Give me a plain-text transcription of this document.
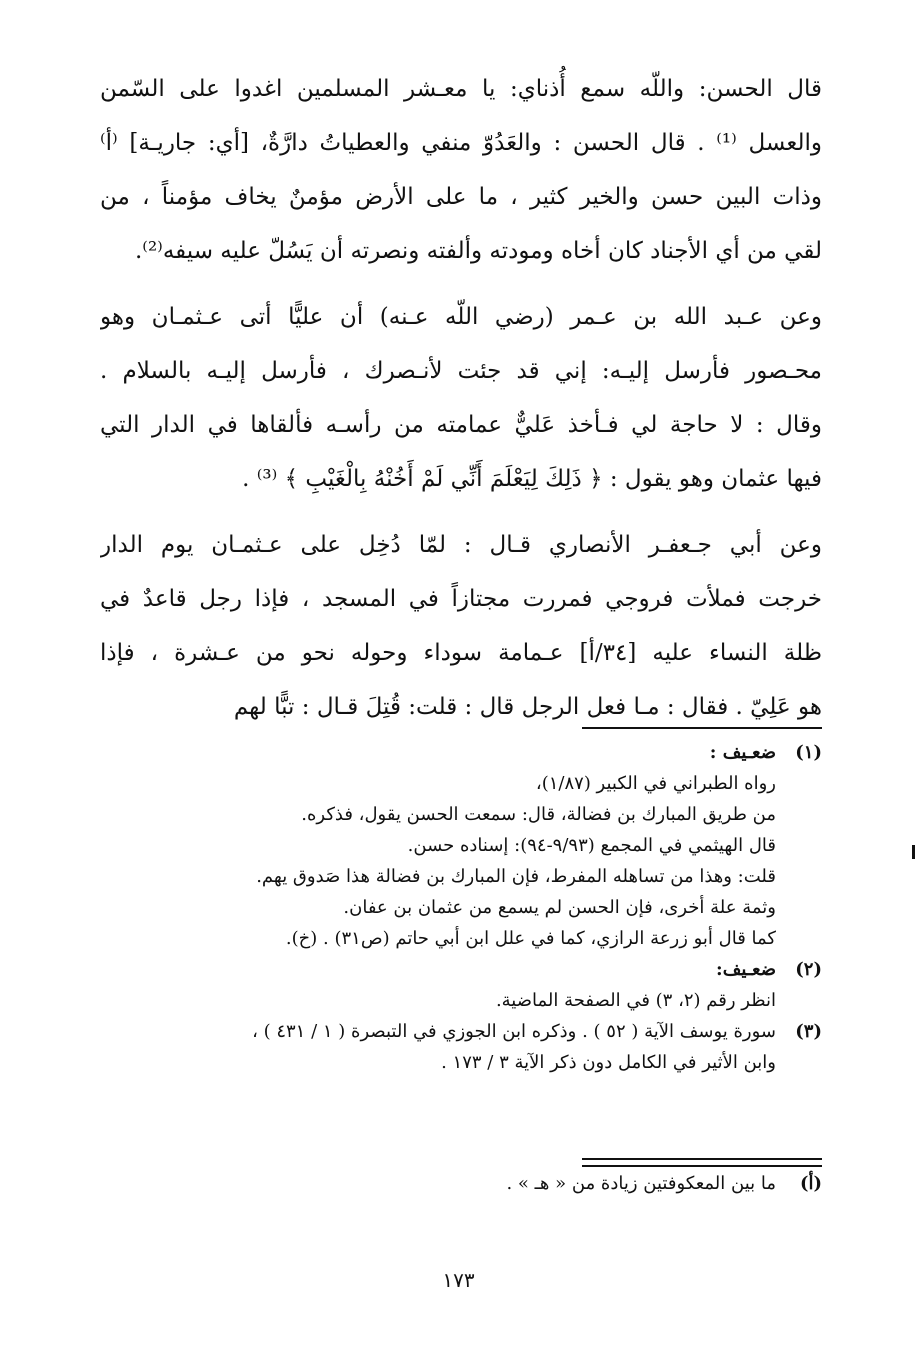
قال الحسن: واللّه سمع أُذناي: يا معـشر المسلمين اغدوا على السّمن
والعسل ⁽¹⁾ . قال الحسن : والعَدُوّ منفي والعطياتُ دارَّةٌ، [أي: جاريـة] ⁽أ⁾
وذات البين حسن والخير كثير ، ما على الأرض مؤمنٌ يخاف مؤمناً ، من
لقي من أي الأجناد كان أخاه ومودته وألفته ونصرته أن يَسُلّ عليه سيفه⁽²⁾.
وعن عـبد الله بن عـمر (رضي اللّه عـنه) أن عليًّا أتى عـثمـان وهو
محـصور فأرسل إليـه: إني قد جئت لأنـصرك ، فأرسل إليـه بالسلام .
وقال : لا حاجة لي فـأخذ عَليٌّ عمامته من رأسـه فألقاها في الدار التي
فيها عثمان وهو يقول : ﴿ ذَلِكَ لِيَعْلَمَ أَنِّي لَمْ أَخُنْهُ بِالْغَيْبِ ﴾ ⁽³⁾ .
وعن أبي جـعفـر الأنصاري قـال : لمّا دُخِل على عـثمـان يوم الدار
خرجت فملأت فروجي فمررت مجتازاً في المسجد ، فإذا رجل قاعدٌ في
ظلة النساء عليه [٣٤/أ] عـمامة سوداء وحوله نحو من عـشرة ، فإذا
هو عَلِيّ . فقال : مـا فعل الرجل قال : قلت: قُتِلَ قـال : تبًّا لهم
(١)
ضعـيف :
رواه الطبراني في الكبير (١/٨٧)،
من طريق المبارك بن فضالة، قال: سمعت الحسن يقول، فذكره.
قال الهيثمي في المجمع (٩/٩٣-٩٤): إسناده حسن.
قلت: وهذا من تساهله المفرط، فإن المبارك بن فضالة هذا صَدوق يهم.
وثمة علة أخرى، فإن الحسن لم يسمع من عثمان بن عفان.
كما قال أبو زرعة الرازي، كما في علل ابن أبي حاتم (ص٣١) . (خ).
(٢)
ضعـيف:
انظر رقم (٢، ٣) في الصفحة الماضية.
(٣)
سورة يوسف الآية ( ٥٢ ) . وذكره ابن الجوزي في التبصرة ( ١ / ٤٣١ ) ،
وابن الأثير في الكامل دون ذكر الآية ٣ / ١٧٣ .
(أ)
ما بين المعكوفتين زيادة من « هـ » .
١٧٣
